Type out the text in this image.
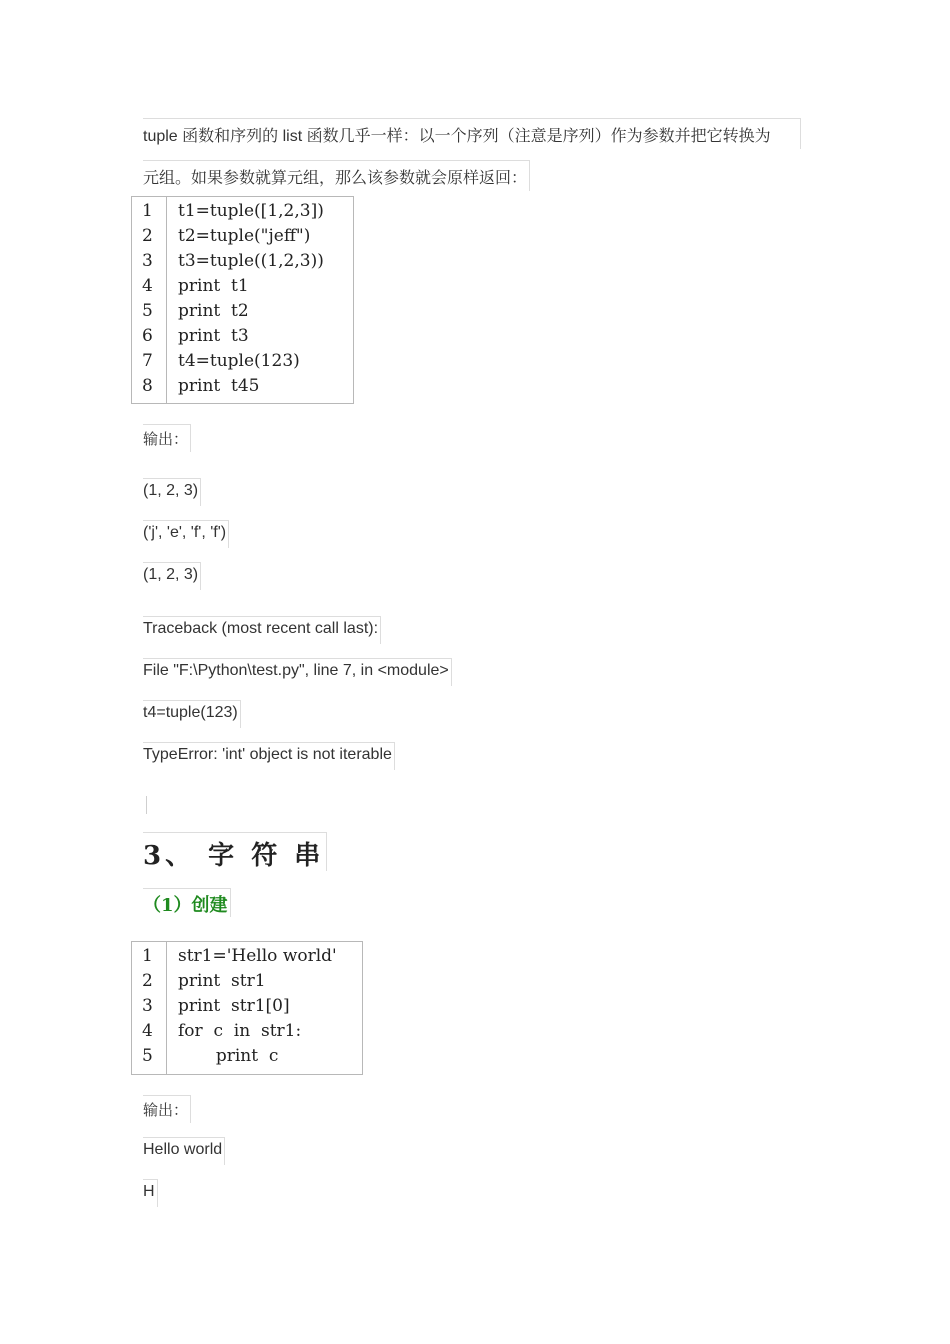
tuple 函数和序列的 list 函数几乎一样：以一个序列（注意是序列）作为参数并把它转换为
元组。如果参数就算元组，那么该参数就会原样返回：
1	t1=tuple([1,2,3])
2	t2=tuple("jeff")
3	t3=tuple((1,2,3))
4	print  t1
5	print  t2
6	print  t3
7	t4=tuple(123)
8	print  t45
输出：
(1, 2, 3)
('j', 'e', 'f', 'f')
(1, 2, 3)
Traceback (most recent call last):
File "F:\Python\test.py", line 7, in <module>
t4=tuple(123)
TypeError: 'int' object is not iterable
3、 字 符 串
（1）创建
1	str1='Hello world'
2	print  str1
3	print  str1[0]
4	for  c  in  str1:
5	print  c
输出：
Hello world
H
